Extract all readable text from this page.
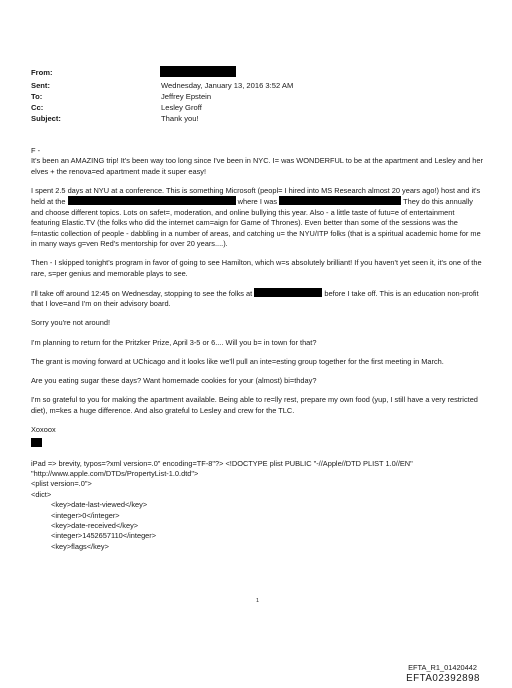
From:
Sent:	Wednesday, January 13, 2016 3:52 AM
To:	Jeffrey Epstein
Cc:	Lesley Groff
Subject:	Thank you!

F -
It's been an AMAZING trip! It's been way too long since I've been in NYC. I= was WONDERFUL to be at the apartment and Lesley and her elves + the renova=ed apartment made it super easy!

I spent 2.5 days at NYU at a conference. This is something Microsoft (peopl= I hired into MS Research almost 20 years ago!) host and it's held at the	where I was	They do this annually and choose different topics. Lots on safet=, moderation, and online bullying this year. Also - a little taste of futu=e of entertainment featuring Elastic.TV (the folks who did the internet cam=aign for Game of Thrones). Even better than some of the sessions was the f=ntastic collection of people - dabbling in a number of areas, and catching u= the NYU/ITP folks (that is a spiritual academic home for me in many ways g=ven Red's mentorship for over 20 years....).

Then - I skipped tonight's program in favor of going to see Hamilton, which w=s absolutely brilliant! If you haven't yet seen it, it's one of the rare, s=per genius and memorable plays to see.

I'll take off around 12:45 on Wednesday, stopping to see the folks at	before I take off. This is an education non-profit that I love=and I'm on their advisory board.

Sorry you're not around!

I'm planning to return for the Pritzker Prize, April 3-5 or 6.... Will you b= in town for that?

The grant is moving forward at UChicago and it looks like we'll pull an inte=esting group together for the first meeting in March.

Are you eating sugar these days? Want homemade cookies for your (almost) bi=thday?

I'm so grateful to you for making the apartment available. Being able to re=lly rest, prepare my own food (yup, I still have a very restricted diet), m=kes a huge difference. And also grateful to Lesley and crew for the TLC.

Xoxoox

iPad => brevity, typos=?xml version=.0" encoding=TF-8"?> <!DOCTYPE plist PUBLIC "-//Apple//DTD PLIST 1.0//EN" "http://www.apple.com/DTDs/PropertyList-1.0.dtd">
<plist version=.0">
<dict>

<key>date-last-viewed</key>
<integer>0</integer>
<key>date-received</key>
<integer>1452657110</integer>
<key>flags</key>
1
EFTA_R1_01420442
EFTA02392898
